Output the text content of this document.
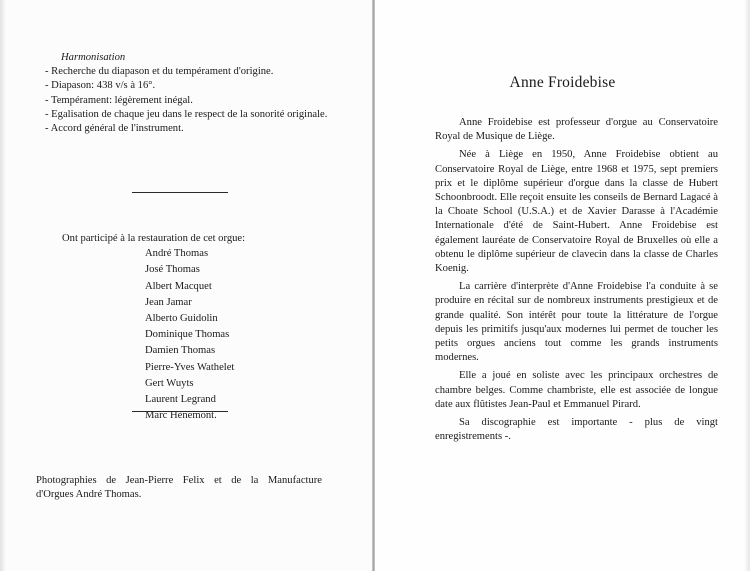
Harmonisation
- Recherche du diapason et du tempérament d'origine.
- Diapason: 438 v/s à 16°.
- Tempérament: légèrement inégal.
- Egalisation de chaque jeu dans le respect de la sonorité originale.
- Accord général de l'instrument.
Ont participé à la restauration de cet orgue:
André Thomas
José Thomas
Albert Macquet
Jean Jamar
Alberto Guidolin
Dominique Thomas
Damien Thomas
Pierre-Yves Wathelet
Gert Wuyts
Laurent Legrand
Marc Hènemont.
Photographies de Jean-Pierre Felix et de la Manufacture
d'Orgues André Thomas.
Anne Froidebise

Anne Froidebise est professeur d'orgue au Conservatoire Royal de Musique de Liège.

Née à Liège en 1950, Anne Froidebise obtient au Conservatoire Royal de Liège, entre 1968 et 1975, sept premiers prix et le diplôme supérieur d'orgue dans la classe de Hubert Schoonbroodt. Elle reçoit ensuite les conseils de Bernard Lagacé à la Choate School (U.S.A.) et de Xavier Darasse à l'Académie Internationale d'été de Saint-Hubert. Anne Froidebise est également lauréate de Conservatoire Royal de Bruxelles où elle a obtenu le diplôme supérieur de clavecin dans la classe de Charles Koenig.

La carrière d'interprète d'Anne Froidebise l'a conduite à se produire en récital sur de nombreux instruments prestigieux et de grande qualité. Son intérêt pour toute la littérature de l'orgue depuis les primitifs jusqu'aux modernes lui permet de toucher les petits orgues anciens tout comme les grands instruments modernes.

Elle a joué en soliste avec les principaux orchestres de chambre belges. Comme chambriste, elle est associée de longue date aux flûtistes Jean-Paul et Emmanuel Pirard.

Sa discographie est importante - plus de vingt enregistrements -.
